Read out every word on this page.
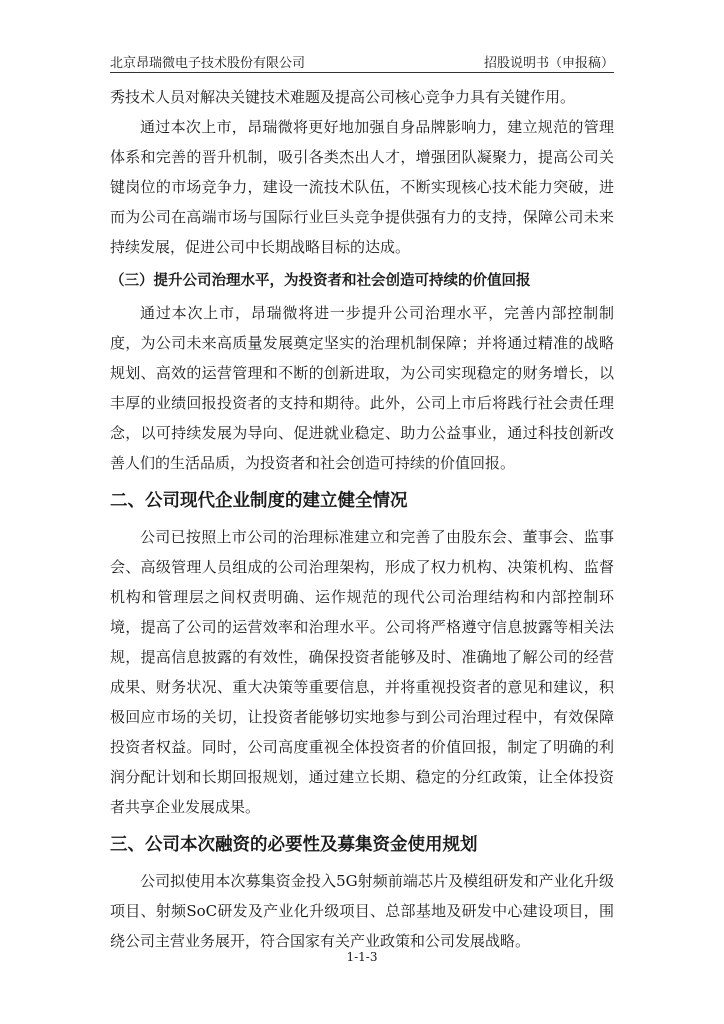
北京昂瑞微电子技术股份有限公司	招股说明书（申报稿）

秀技术人员对解决关键技术难题及提高公司核心竞争力具有关键作用。

通过本次上市，昂瑞微将更好地加强自身品牌影响力，建立规范的管理体系和完善的晋升机制，吸引各类杰出人才，增强团队凝聚力，提高公司关键岗位的市场竞争力，建设一流技术队伍，不断实现核心技术能力突破，进而为公司在高端市场与国际行业巨头竞争提供强有力的支持，保障公司未来持续发展，促进公司中长期战略目标的达成。

（三）提升公司治理水平，为投资者和社会创造可持续的价值回报

通过本次上市，昂瑞微将进一步提升公司治理水平，完善内部控制制度，为公司未来高质量发展奠定坚实的治理机制保障；并将通过精准的战略规划、高效的运营管理和不断的创新进取，为公司实现稳定的财务增长，以丰厚的业绩回报投资者的支持和期待。此外，公司上市后将践行社会责任理念，以可持续发展为导向、促进就业稳定、助力公益事业，通过科技创新改善人们的生活品质，为投资者和社会创造可持续的价值回报。

二、公司现代企业制度的建立健全情况

公司已按照上市公司的治理标准建立和完善了由股东会、董事会、监事会、高级管理人员组成的公司治理架构，形成了权力机构、决策机构、监督机构和管理层之间权责明确、运作规范的现代公司治理结构和内部控制环境，提高了公司的运营效率和治理水平。公司将严格遵守信息披露等相关法规，提高信息披露的有效性，确保投资者能够及时、准确地了解公司的经营成果、财务状况、重大决策等重要信息，并将重视投资者的意见和建议，积极回应市场的关切，让投资者能够切实地参与到公司治理过程中，有效保障投资者权益。同时，公司高度重视全体投资者的价值回报，制定了明确的利润分配计划和长期回报规划，通过建立长期、稳定的分红政策，让全体投资者共享企业发展成果。

三、公司本次融资的必要性及募集资金使用规划

公司拟使用本次募集资金投入5G射频前端芯片及模组研发和产业化升级项目、射频SoC研发及产业化升级项目、总部基地及研发中心建设项目，围绕公司主营业务展开，符合国家有关产业政策和公司发展战略。

1-1-3
